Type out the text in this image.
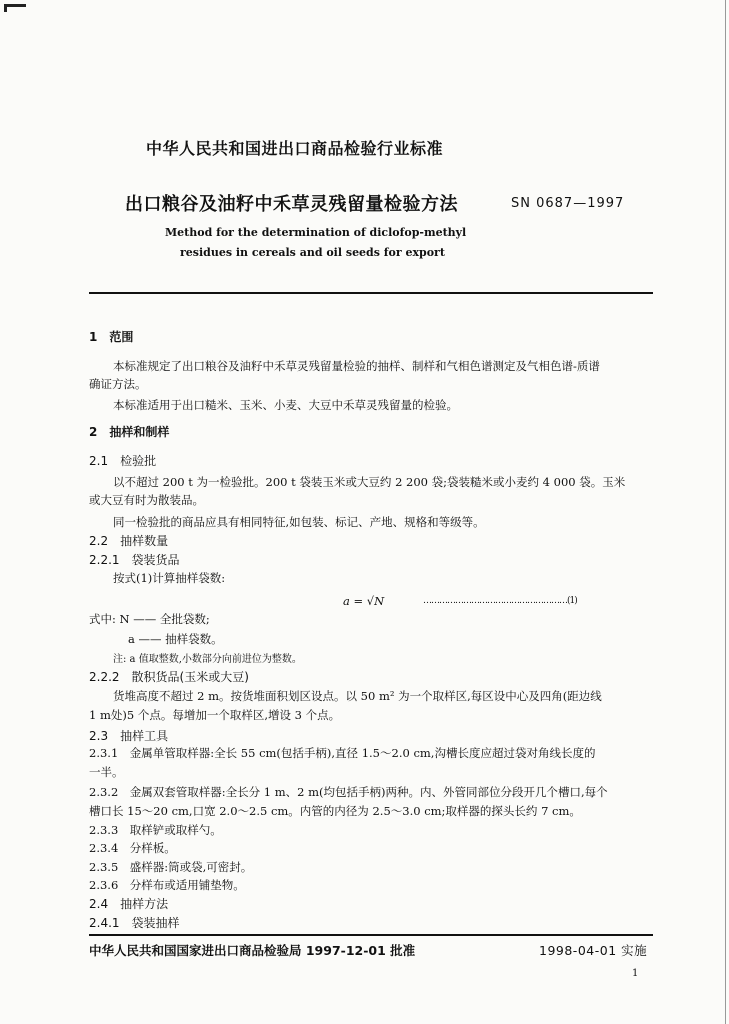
中华人民共和国进出口商品检验行业标准
出口粮谷及油籽中禾草灵残留量检验方法	SN 0687—1997
Method for the determination of diclofop-methyl
residues in cereals and oil seeds for export
1　范围
本标准规定了出口粮谷及油籽中禾草灵残留量检验的抽样、制样和气相色谱测定及气相色谱-质谱
确证方法。
本标准适用于出口糙米、玉米、小麦、大豆中禾草灵残留量的检验。
2　抽样和制样
2.1　检验批
以不超过 200 t 为一检验批。200 t 袋装玉米或大豆约 2 200 袋;袋装糙米或小麦约 4 000 袋。玉米
或大豆有时为散装品。
同一检验批的商品应具有相同特征,如包装、标记、产地、规格和等级等。
2.2　抽样数量
2.2.1　袋装货品
按式(1)计算抽样袋数:
a = √N	………………………………………………(1)
式中: N —— 全批袋数;
a —— 抽样袋数。
注: a 值取整数,小数部分向前进位为整数。
2.2.2　散积货品(玉米或大豆)
货堆高度不超过 2 m。按货堆面积划区设点。以 50 m² 为一个取样区,每区设中心及四角(距边线
1 m处)5 个点。每增加一个取样区,增设 3 个点。
2.3　抽样工具
2.3.1　金属单管取样器:全长 55 cm(包括手柄),直径 1.5～2.0 cm,沟槽长度应超过袋对角线长度的
一半。
2.3.2　金属双套管取样器:全长分 1 m、2 m(均包括手柄)两种。内、外管同部位分段开几个槽口,每个
槽口长 15～20 cm,口宽 2.0～2.5 cm。内管的内径为 2.5～3.0 cm;取样器的探头长约 7 cm。
2.3.3　取样铲或取样勺。
2.3.4　分样板。
2.3.5　盛样器:筒或袋,可密封。
2.3.6　分样布或适用铺垫物。
2.4　抽样方法
2.4.1　袋装抽样
中华人民共和国国家进出口商品检验局 1997-12-01 批准	1998-04-01 实施
1
